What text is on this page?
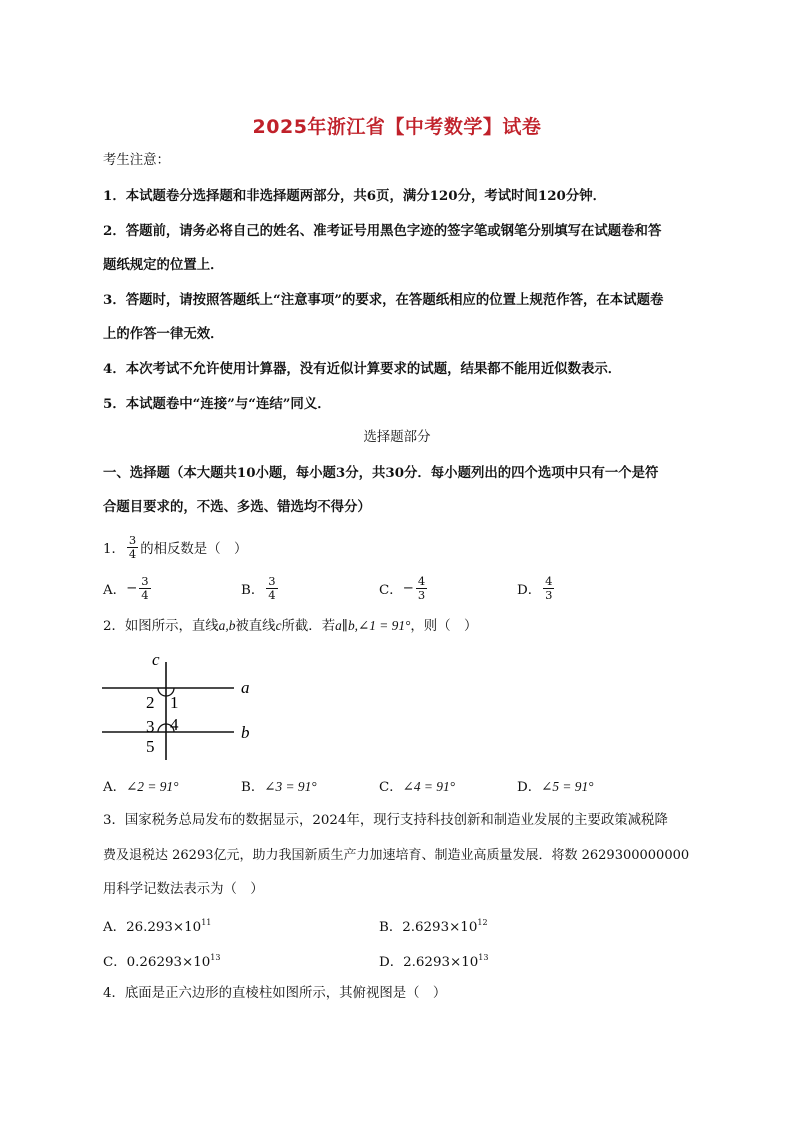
2025年浙江省【中考数学】试卷
考生注意：
1．本试题卷分选择题和非选择题两部分，共6页，满分120分，考试时间120分钟．
2．答题前，请务必将自己的姓名、准考证号用黑色字迹的签字笔或钢笔分别填写在试题卷和答
题纸规定的位置上．
3．答题时，请按照答题纸上“注意事项”的要求，在答题纸相应的位置上规范作答，在本试题卷
上的作答一律无效．
4．本次考试不允许使用计算器，没有近似计算要求的试题，结果都不能用近似数表示．
5．本试题卷中“连接”与“连结”同义．
选择题部分
一、选择题（本大题共10小题，每小题3分，共30分．每小题列出的四个选项中只有一个是符
合题目要求的，不选、多选、错选均不得分）
1． $\frac{3}{4}$ 的相反数是（　）
A． − $\frac{3}{4}$	B． $\frac{3}{4}$	C． − $\frac{4}{3}$	D． $\frac{4}{3}$
2．如图所示，直线a,b被直线c所截．若a∥b,∠1 = 91°，则（　）
c
a
b
2 1
3 4
5
A．∠2 = 91°	B．∠3 = 91°	C．∠4 = 91°	D．∠5 = 91°
3．国家税务总局发布的数据显示，2024年，现行支持科技创新和制造业发展的主要政策减税降
费及退税达 26293亿元，助力我国新质生产力加速培育、制造业高质量发展．将数 2629300000000
用科学记数法表示为（　）
A．$26.293\times 10^{11}$	B．$2.6293\times 10^{12}$
C．$0.26293\times 10^{13}$	D．$2.6293\times 10^{13}$
4．底面是正六边形的直棱柱如图所示，其俯视图是（　）
